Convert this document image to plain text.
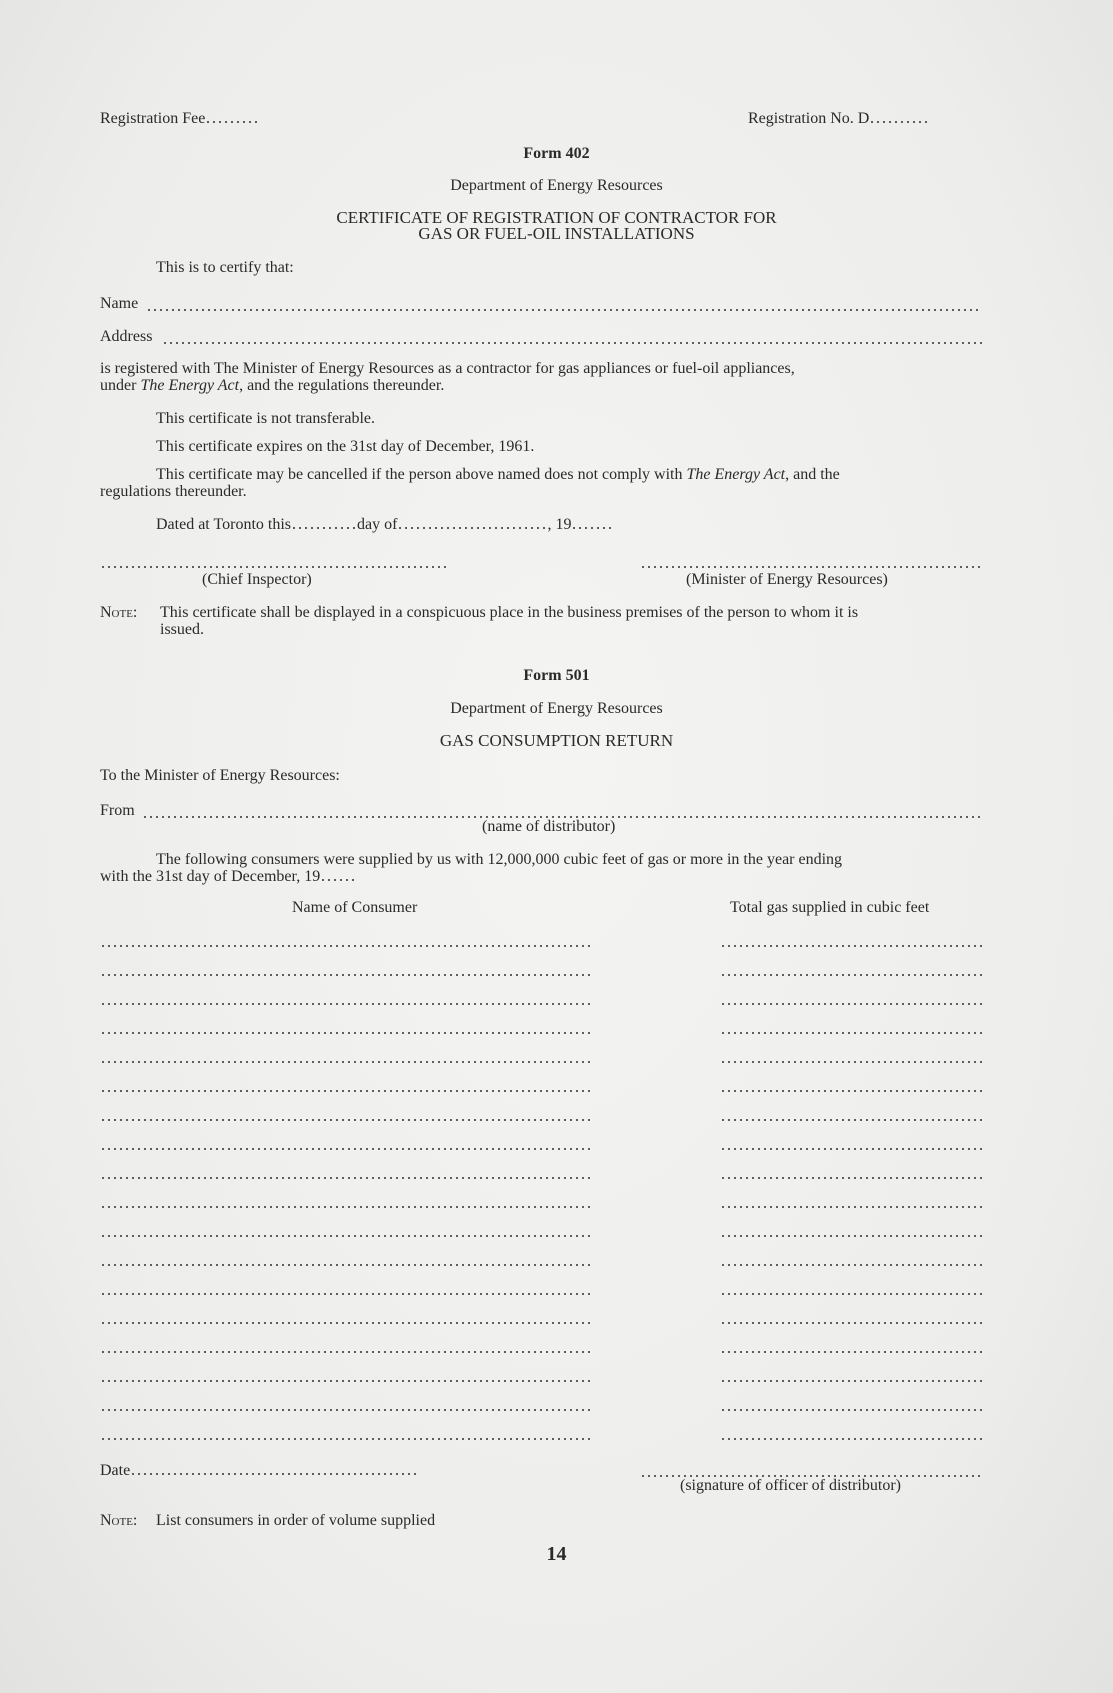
Registration Fee	Registration No. D
Form 402
Department of Energy Resources
CERTIFICATE OF REGISTRATION OF CONTRACTOR FOR
GAS OR FUEL-OIL INSTALLATIONS
This is to certify that:
Name
Address
is registered with The Minister of Energy Resources as a contractor for gas appliances or fuel-oil appliances,
under The Energy Act, and the regulations thereunder.
This certificate is not transferable.
This certificate expires on the 31st day of December, 1961.
This certificate may be cancelled if the person above named does not comply with The Energy Act, and the
regulations thereunder.
Dated at Toronto this	day of	, 19
(Chief Inspector)	(Minister of Energy Resources)
Note: This certificate shall be displayed in a conspicuous place in the business premises of the person to whom it is
issued.
Form 501
Department of Energy Resources
GAS CONSUMPTION RETURN
To the Minister of Energy Resources:
From
(name of distributor)
The following consumers were supplied by us with 12,000,000 cubic feet of gas or more in the year ending
with the 31st day of December, 19
Name of Consumer	Total gas supplied in cubic feet
Date
(signature of officer of distributor)
Note: List consumers in order of volume supplied
14
